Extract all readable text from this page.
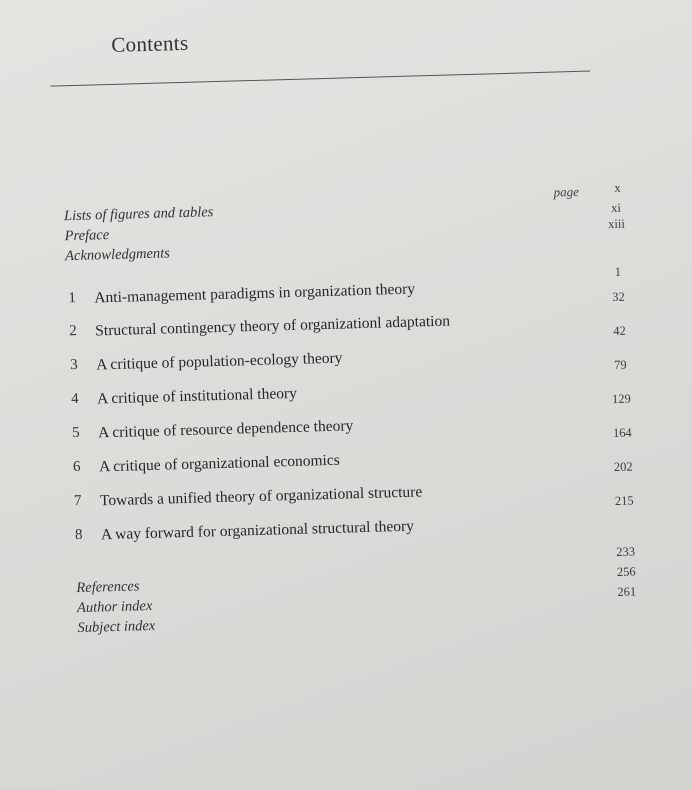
Contents
page
Lists of figures and tables
x
Preface
xi
Acknowledgments
xiii
1 Anti-management paradigms in organization theory
1
2 Structural contingency theory of organizationl adaptation
32
3 A critique of population-ecology theory
42
4 A critique of institutional theory
79
5 A critique of resource dependence theory
129
6 A critique of organizational economics
164
7 Towards a unified theory of organizational structure
202
8 A way forward for organizational structural theory
215
References
233
Author index
256
Subject index
261
